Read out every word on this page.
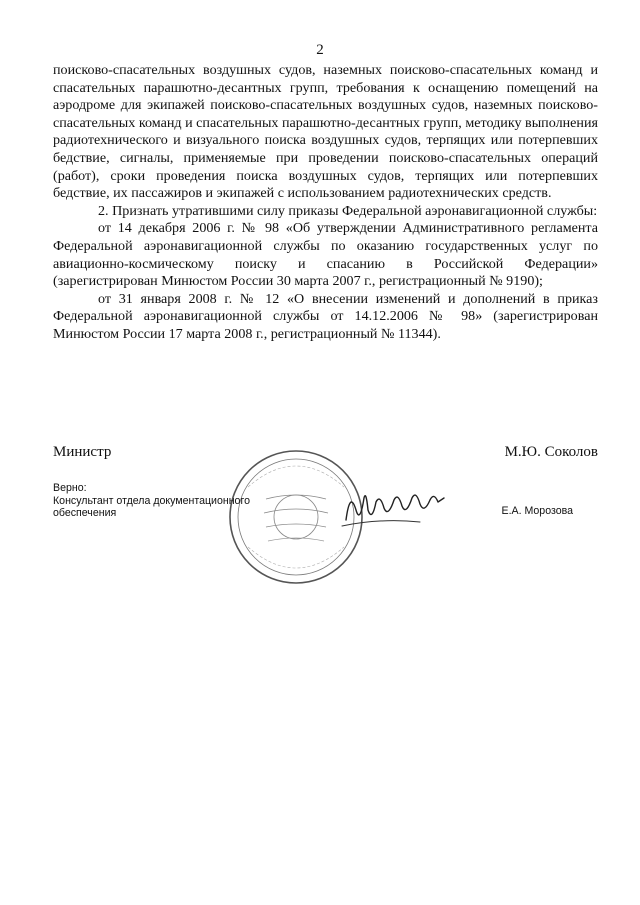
2

поисково-спасательных воздушных судов, наземных поисково-спасательных команд и спасательных парашютно-десантных групп, требования к оснащению помещений на аэродроме для экипажей поисково-спасательных воздушных судов, наземных поисково-спасательных команд и спасательных парашютно-десантных групп, методику выполнения радиотехнического и визуального поиска воздушных судов, терпящих или потерпевших бедствие, сигналы, применяемые при проведении поисково-спасательных операций (работ), сроки проведения поиска воздушных судов, терпящих или потерпевших бедствие, их пассажиров и экипажей с использованием радиотехнических средств.

2. Признать утратившими силу приказы Федеральной аэронавигационной службы:

от 14 декабря 2006 г. № 98 «Об утверждении Административного регламента Федеральной аэронавигационной службы по оказанию государственных услуг по авиационно-космическому поиску и спасанию в Российской Федерации» (зарегистрирован Минюстом России 30 марта 2007 г., регистрационный № 9190);

от 31 января 2008 г. № 12 «О внесении изменений и дополнений в приказ Федеральной аэронавигационной службы от 14.12.2006 № 98» (зарегистрирован Минюстом России 17 марта 2008 г., регистрационный № 11344).

Министр	М.Ю. Соколов
Верно:
Консультант отдела документационного
обеспечения	Е.А. Морозова
